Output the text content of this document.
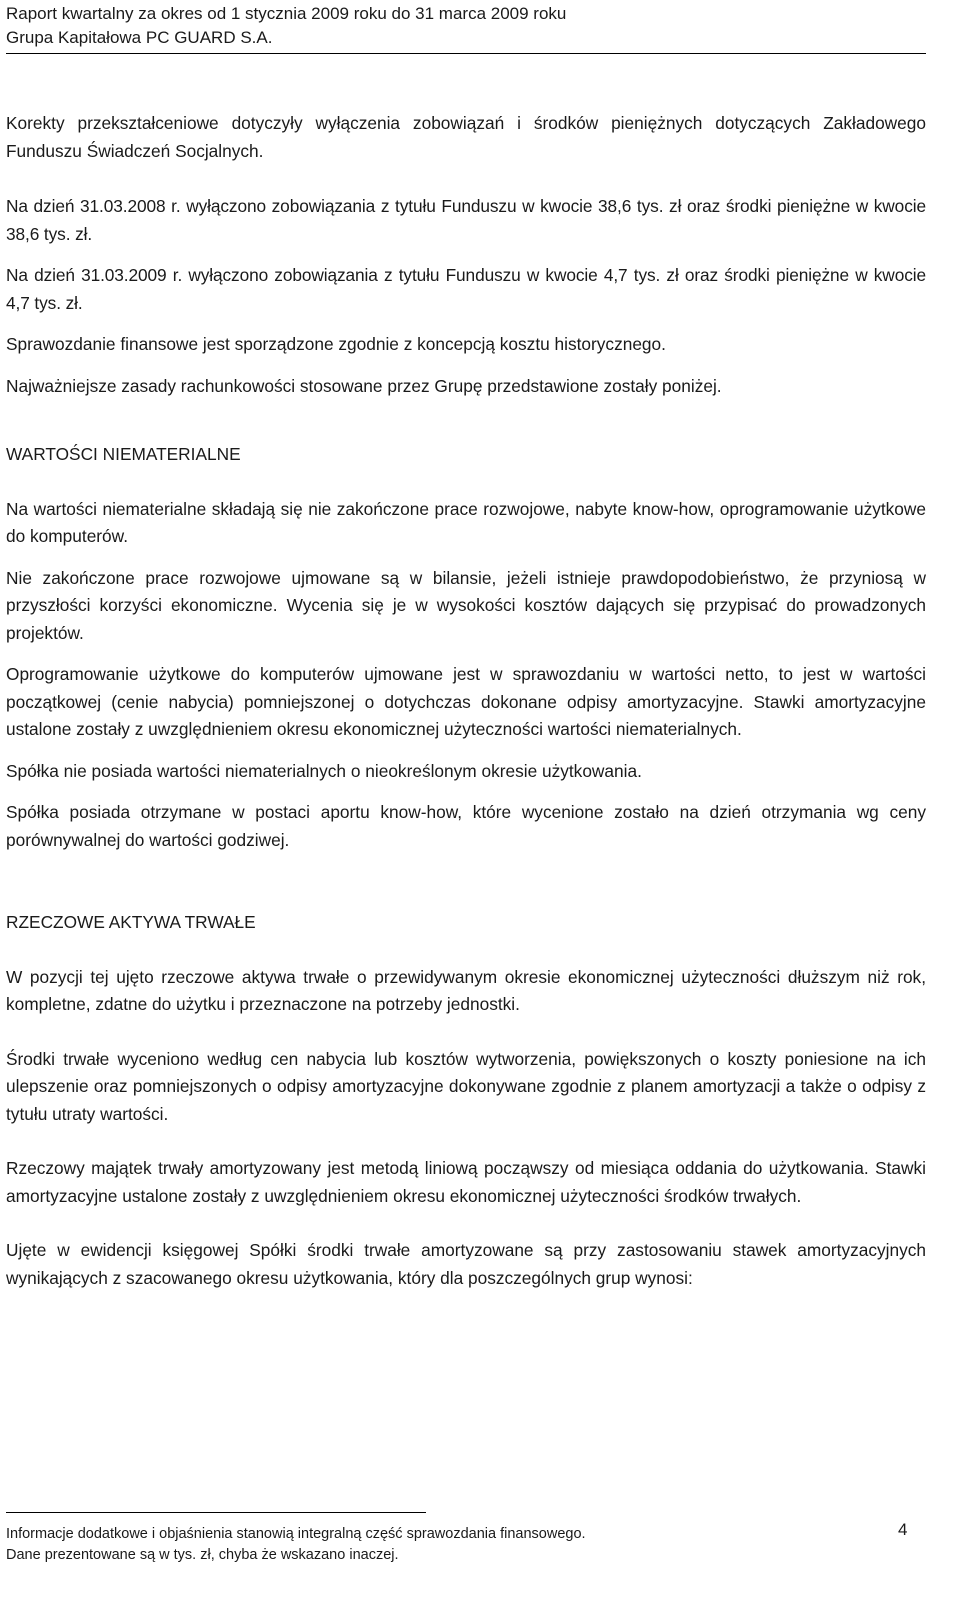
Raport kwartalny za okres od 1 stycznia 2009 roku do 31 marca 2009 roku
Grupa Kapitałowa PC GUARD S.A.

Korekty przekształceniowe dotyczyły wyłączenia zobowiązań i środków pieniężnych dotyczących Zakładowego Funduszu Świadczeń Socjalnych.

Na dzień 31.03.2008 r. wyłączono zobowiązania z tytułu Funduszu w kwocie 38,6 tys. zł oraz środki pieniężne w kwocie 38,6 tys. zł.

Na dzień 31.03.2009 r. wyłączono zobowiązania z tytułu Funduszu w kwocie 4,7 tys. zł oraz środki pieniężne w kwocie 4,7 tys. zł.

Sprawozdanie finansowe jest sporządzone zgodnie z koncepcją kosztu historycznego.

Najważniejsze zasady rachunkowości stosowane przez Grupę przedstawione zostały poniżej.

WARTOŚCI NIEMATERIALNE

Na wartości niematerialne składają się nie zakończone prace rozwojowe, nabyte know-how, oprogramowanie użytkowe do komputerów.

Nie zakończone prace rozwojowe ujmowane są w bilansie, jeżeli istnieje prawdopodobieństwo, że przyniosą w przyszłości korzyści ekonomiczne. Wycenia się je w wysokości kosztów dających się przypisać do prowadzonych projektów.

Oprogramowanie użytkowe do komputerów ujmowane jest w sprawozdaniu w wartości netto, to jest w wartości początkowej (cenie nabycia) pomniejszonej o dotychczas dokonane odpisy amortyzacyjne. Stawki amortyzacyjne ustalone zostały z uwzględnieniem okresu ekonomicznej użyteczności wartości niematerialnych.

Spółka nie posiada wartości niematerialnych o nieokreślonym okresie użytkowania.

Spółka posiada otrzymane w postaci aportu know-how, które wycenione zostało na dzień otrzymania wg ceny porównywalnej do wartości godziwej.

RZECZOWE AKTYWA TRWAŁE

W pozycji tej ujęto rzeczowe aktywa trwałe o przewidywanym okresie ekonomicznej użyteczności dłuższym niż rok, kompletne, zdatne do użytku i przeznaczone na potrzeby jednostki.

Środki trwałe wyceniono według cen nabycia lub kosztów wytworzenia, powiększonych o koszty poniesione na ich ulepszenie oraz pomniejszonych o odpisy amortyzacyjne dokonywane zgodnie z planem amortyzacji a także o odpisy z tytułu utraty wartości.

Rzeczowy majątek trwały amortyzowany jest metodą liniową począwszy od miesiąca oddania do użytkowania. Stawki amortyzacyjne ustalone zostały z uwzględnieniem okresu ekonomicznej użyteczności środków trwałych.

Ujęte w ewidencji księgowej Spółki środki trwałe amortyzowane są przy zastosowaniu stawek amortyzacyjnych wynikających z szacowanego okresu użytkowania, który dla poszczególnych grup wynosi:

Informacje dodatkowe i objaśnienia stanowią integralną część sprawozdania finansowego.
Dane prezentowane są w tys. zł, chyba że wskazano inaczej.
4
